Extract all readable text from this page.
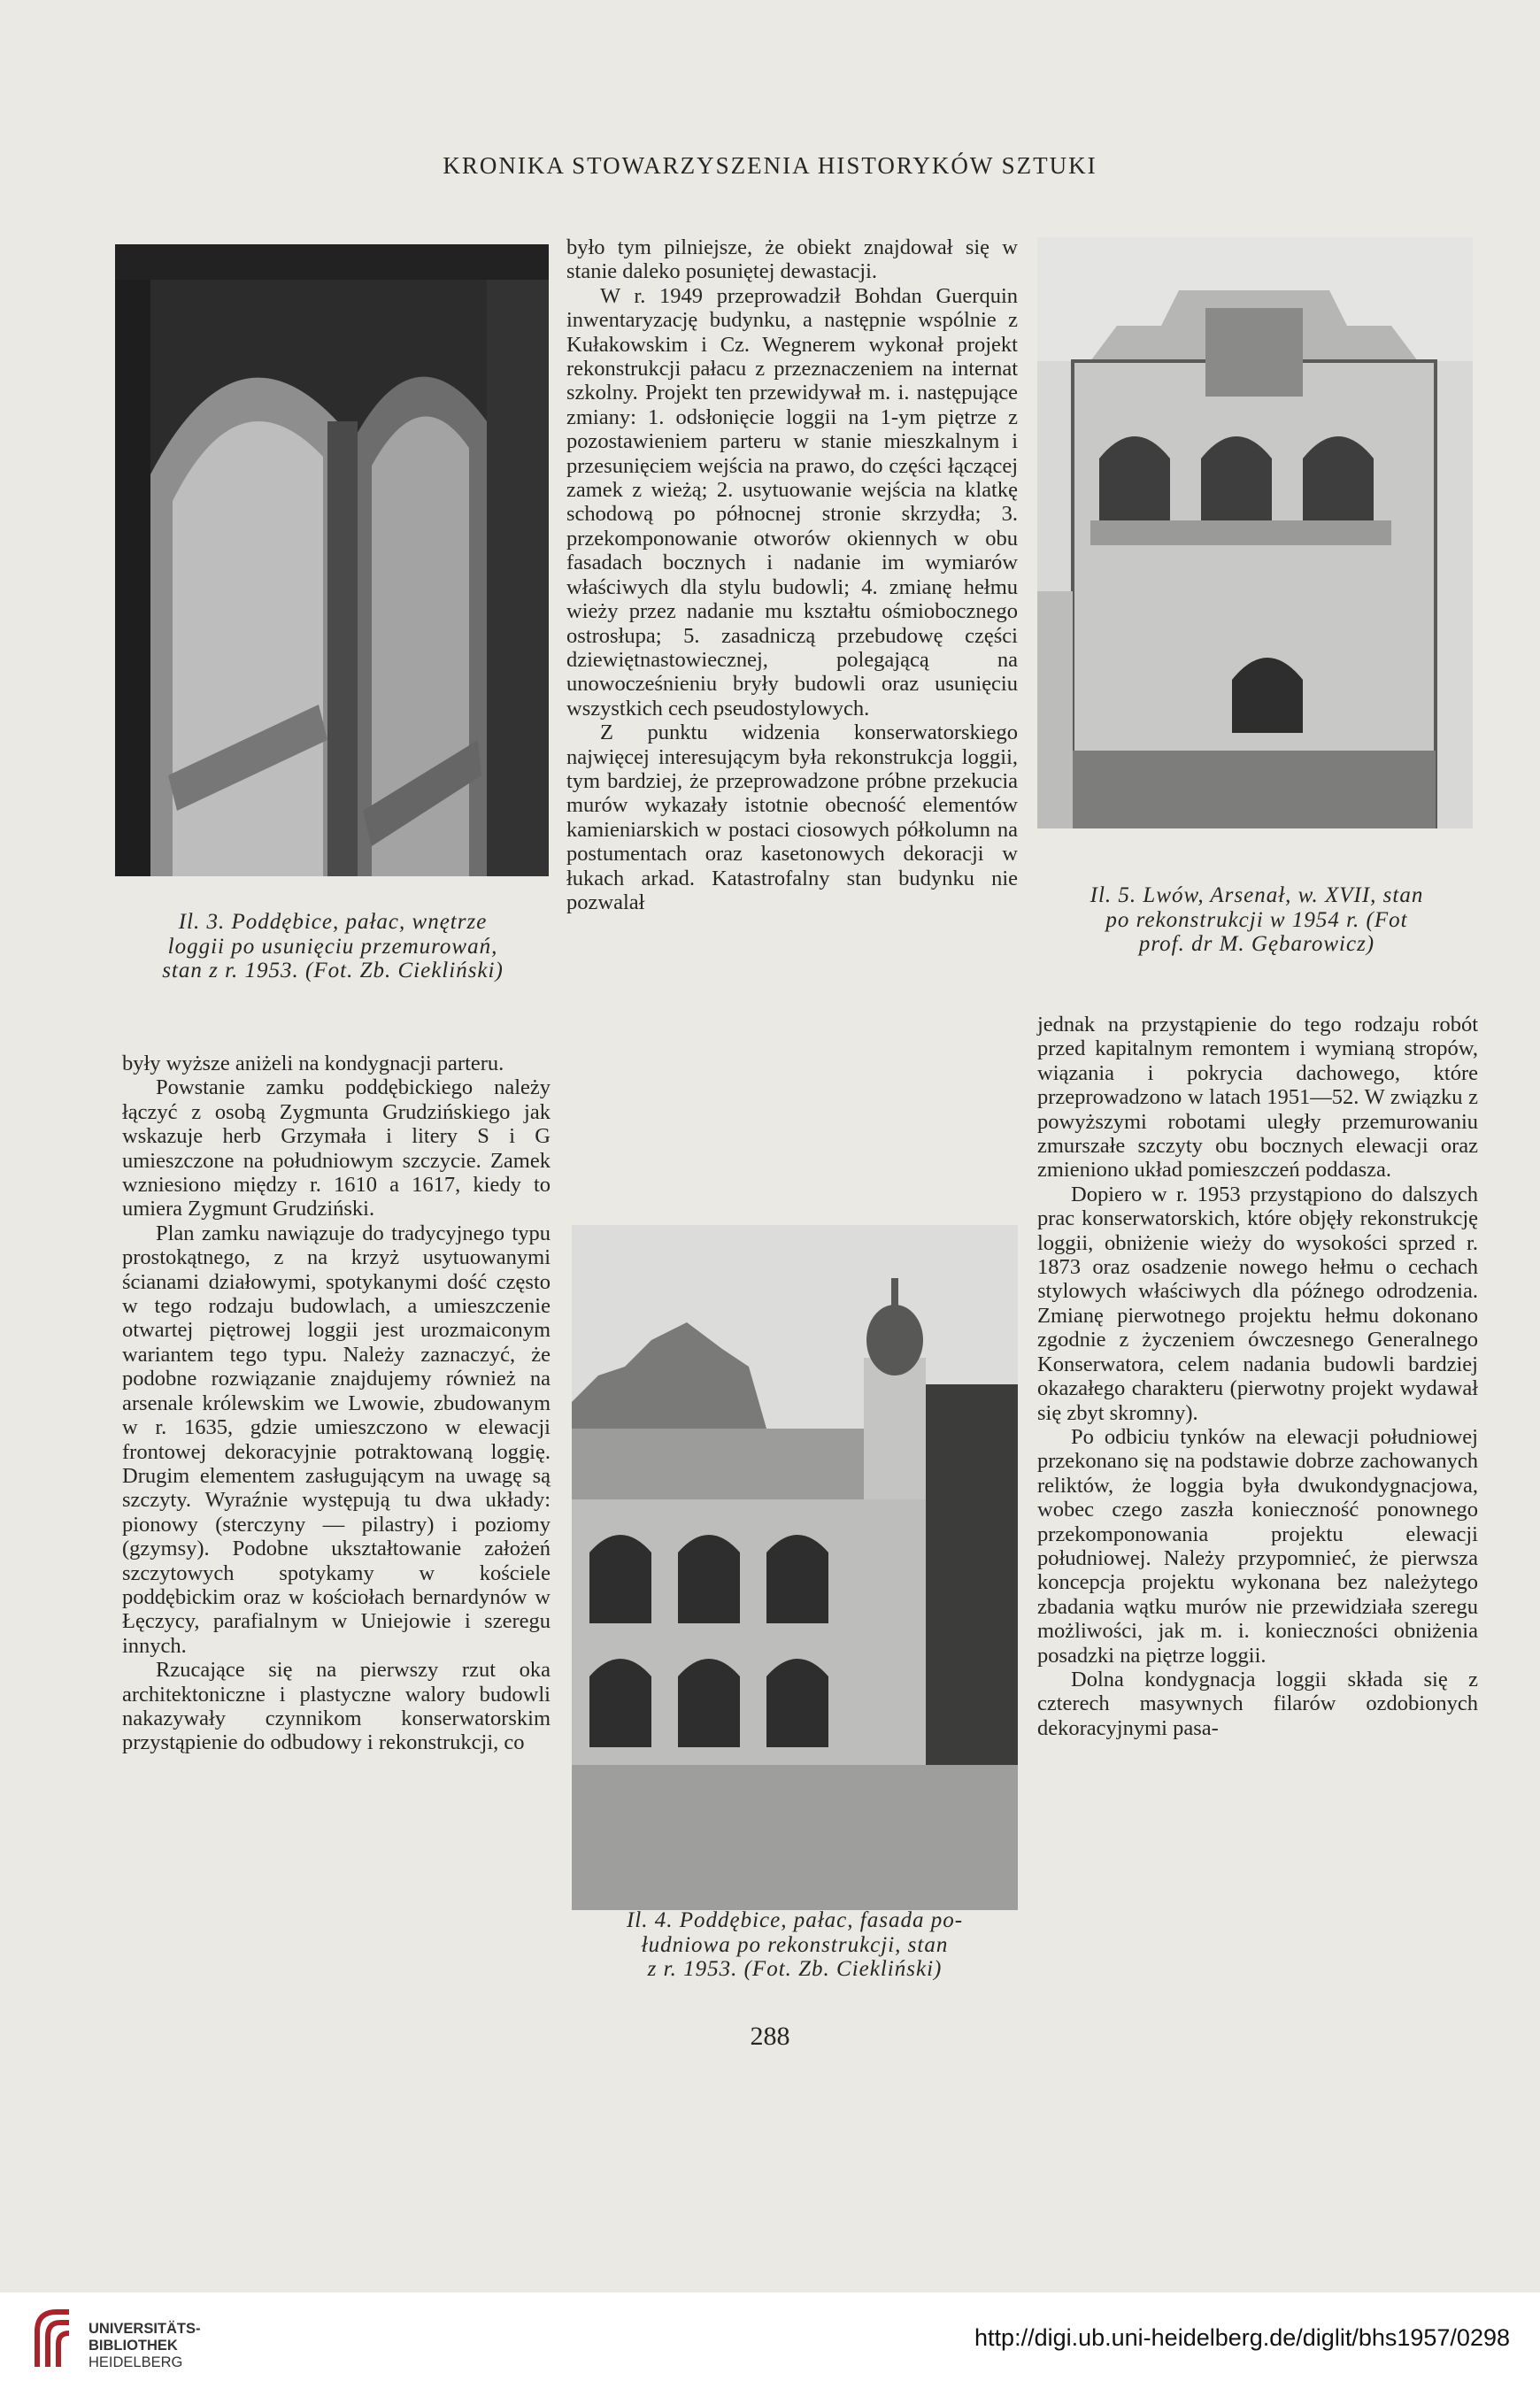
KRONIKA STOWARZYSZENIA HISTORYKÓW SZTUKI
Il. 3. Poddębice, pałac, wnętrze
loggii po usunięciu przemurowań,
stan z r. 1953. (Fot. Zb. Ciekliński)
Il. 5. Lwów, Arsenał, w. XVII, stan
po rekonstrukcji w 1954 r. (Fot
prof. dr M. Gębarowicz)
Il. 4. Poddębice, pałac, fasada po-
łudniowa po rekonstrukcji, stan
z r. 1953. (Fot. Zb. Ciekliński)

były wyższe aniżeli na kondygnacji parteru.

Powstanie zamku poddębickiego należy łączyć z osobą Zygmunta Grudzińskiego jak wskazuje herb Grzymała i litery S i G umieszczone na południowym szczycie. Zamek wzniesiono między r. 1610 a 1617, kiedy to umiera Zygmunt Grudziński.

Plan zamku nawiązuje do tradycyjnego typu prostokątnego, z na krzyż usytuowanymi ścianami działowymi, spotykanymi dość często w tego rodzaju budowlach, a umieszczenie otwartej piętrowej loggii jest urozmaiconym wariantem tego typu. Należy zaznaczyć, że podobne rozwiązanie znajdujemy również na arsenale królewskim we Lwowie, zbudowanym w r. 1635, gdzie umieszczono w elewacji frontowej dekoracyjnie potraktowaną loggię. Drugim elementem zasługującym na uwagę są szczyty. Wyraźnie występują tu dwa układy: pionowy (sterczyny — pilastry) i poziomy (gzymsy). Podobne ukształtowanie założeń szczytowych spotykamy w kościele poddębickim oraz w kościołach bernardynów w Łęczycy, parafialnym w Uniejowie i szeregu innych.

Rzucające się na pierwszy rzut oka architektoniczne i plastyczne walory budowli nakazywały czynnikom konserwatorskim przystąpienie do odbudowy i rekonstrukcji, co

było tym pilniejsze, że obiekt znajdował się w stanie daleko posuniętej dewastacji.

W r. 1949 przeprowadził Bohdan Guerquin inwentaryzację budynku, a następnie wspólnie z Kułakowskim i Cz. Wegnerem wykonał projekt rekonstrukcji pałacu z przeznaczeniem na internat szkolny. Projekt ten przewidywał m. i. następujące zmiany: 1. odsłonięcie loggii na 1-ym piętrze z pozostawieniem parteru w stanie mieszkalnym i przesunięciem wejścia na prawo, do części łączącej zamek z wieżą; 2. usytuowanie wejścia na klatkę schodową po północnej stronie skrzydła; 3. przekomponowanie otworów okiennych w obu fasadach bocznych i nadanie im wymiarów właściwych dla stylu budowli; 4. zmianę hełmu wieży przez nadanie mu kształtu ośmiobocznego ostrosłupa; 5. zasadniczą przebudowę części dziewiętnastowiecznej, polegającą na unowocześnieniu bryły budowli oraz usunięciu wszystkich cech pseudostylowych.

Z punktu widzenia konserwatorskiego najwięcej interesującym była rekonstrukcja loggii, tym bardziej, że przeprowadzone próbne przekucia murów wykazały istotnie obecność elementów kamieniarskich w postaci ciosowych półkolumn na postumentach oraz kasetonowych dekoracji w łukach arkad. Katastrofalny stan budynku nie pozwalał

jednak na przystąpienie do tego rodzaju robót przed kapitalnym remontem i wymianą stropów, wiązania i pokrycia dachowego, które przeprowadzono w latach 1951—52. W związku z powyższymi robotami uległy przemurowaniu zmurszałe szczyty obu bocznych elewacji oraz zmieniono układ pomieszczeń poddasza.

Dopiero w r. 1953 przystąpiono do dalszych prac konserwatorskich, które objęły rekonstrukcję loggii, obniżenie wieży do wysokości sprzed r. 1873 oraz osadzenie nowego hełmu o cechach stylowych właściwych dla późnego odrodzenia. Zmianę pierwotnego projektu hełmu dokonano zgodnie z życzeniem ówczesnego Generalnego Konserwatora, celem nadania budowli bardziej okazałego charakteru (pierwotny projekt wydawał się zbyt skromny).

Po odbiciu tynków na elewacji południowej przekonano się na podstawie dobrze zachowanych reliktów, że loggia była dwukondygnacjowa, wobec czego zaszła konieczność ponownego przekomponowania projektu elewacji południowej. Należy przypomnieć, że pierwsza koncepcja projektu wykonana bez należytego zbadania wątku murów nie przewidziała szeregu możliwości, jak m. i. konieczności obniżenia posadzki na piętrze loggii.

Dolna kondygnacja loggii składa się z czterech masywnych filarów ozdobionych dekoracyjnymi pasa-

288
UNIVERSITÄTS-
BIBLIOTHEK
HEIDELBERG
http://digi.ub.uni-heidelberg.de/diglit/bhs1957/0298
